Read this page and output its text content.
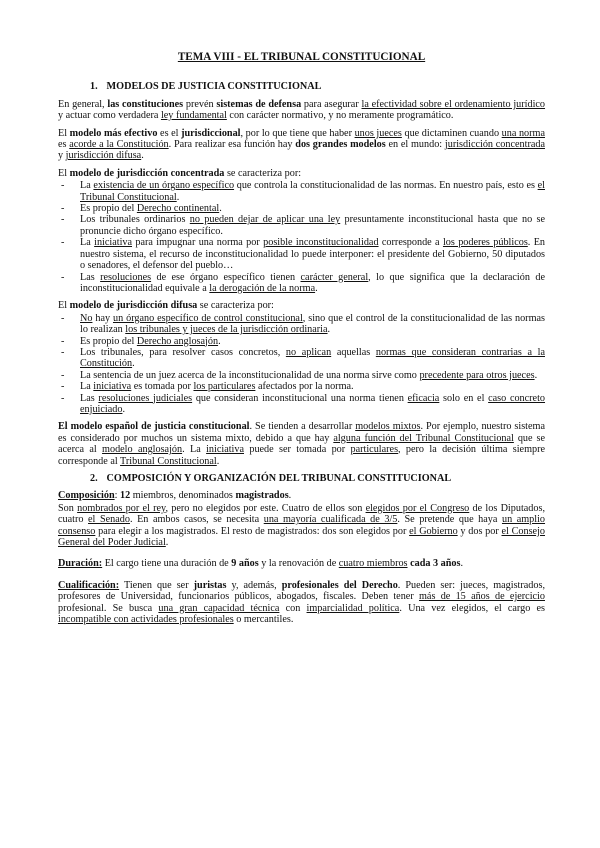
TEMA VIII - EL TRIBUNAL CONSTITUCIONAL
1. MODELOS DE JUSTICIA CONSTITUCIONAL

En general, las constituciones prevén sistemas de defensa para asegurar la efectividad sobre el ordenamiento jurídico y actuar como verdadera ley fundamental con carácter normativo, y no meramente programático.

El modelo más efectivo es el jurisdiccional, por lo que tiene que haber unos jueces que dictaminen cuando una norma es acorde a la Constitución. Para realizar esa función hay dos grandes modelos en el mundo: jurisdicción concentrada y jurisdicción difusa.

El modelo de jurisdicción concentrada se caracteriza por:

- La existencia de un órgano específico que controla la constitucionalidad de las normas. En nuestro país, esto es el Tribunal Constitucional.
- Es propio del Derecho continental.
- Los tribunales ordinarios no pueden dejar de aplicar una ley presuntamente inconstitucional hasta que no se pronuncie dicho órgano específico.
- La iniciativa para impugnar una norma por posible inconstitucionalidad corresponde a los poderes públicos. En nuestro sistema, el recurso de inconstitucionalidad lo puede interponer: el presidente del Gobierno, 50 diputados o senadores, el defensor del pueblo…
- Las resoluciones de ese órgano específico tienen carácter general, lo que significa que la declaración de inconstitucionalidad equivale a la derogación de la norma.

El modelo de jurisdicción difusa se caracteriza por:

- No hay un órgano específico de control constitucional, sino que el control de la constitucionalidad de las normas lo realizan los tribunales y jueces de la jurisdicción ordinaria.
- Es propio del Derecho anglosajón.
- Los tribunales, para resolver casos concretos, no aplican aquellas normas que consideran contrarias a la Constitución.
- La sentencia de un juez acerca de la inconstitucionalidad de una norma sirve como precedente para otros jueces.
- La iniciativa es tomada por los particulares afectados por la norma.
- Las resoluciones judiciales que consideran inconstitucional una norma tienen eficacia solo en el caso concreto enjuiciado.

El modelo español de justicia constitucional. Se tienden a desarrollar modelos mixtos. Por ejemplo, nuestro sistema es considerado por muchos un sistema mixto, debido a que hay alguna función del Tribunal Constitucional que se acerca al modelo anglosajón. La iniciativa puede ser tomada por particulares, pero la decisión última siempre corresponde al Tribunal Constitucional.

2. COMPOSICIÓN Y ORGANIZACIÓN DEL TRIBUNAL CONSTITUCIONAL

Composición: 12 miembros, denominados magistrados.

Son nombrados por el rey, pero no elegidos por este. Cuatro de ellos son elegidos por el Congreso de los Diputados, cuatro el Senado. En ambos casos, se necesita una mayoría cualificada de 3/5. Se pretende que haya un amplio consenso para elegir a los magistrados. El resto de magistrados: dos son elegidos por el Gobierno y dos por el Consejo General del Poder Judicial.

Duración: El cargo tiene una duración de 9 años y la renovación de cuatro miembros cada 3 años.

Cualificación: Tienen que ser juristas y, además, profesionales del Derecho. Pueden ser: jueces, magistrados, profesores de Universidad, funcionarios públicos, abogados, fiscales. Deben tener más de 15 años de ejercicio profesional. Se busca una gran capacidad técnica con imparcialidad política. Una vez elegidos, el cargo es incompatible con actividades profesionales o mercantiles.
